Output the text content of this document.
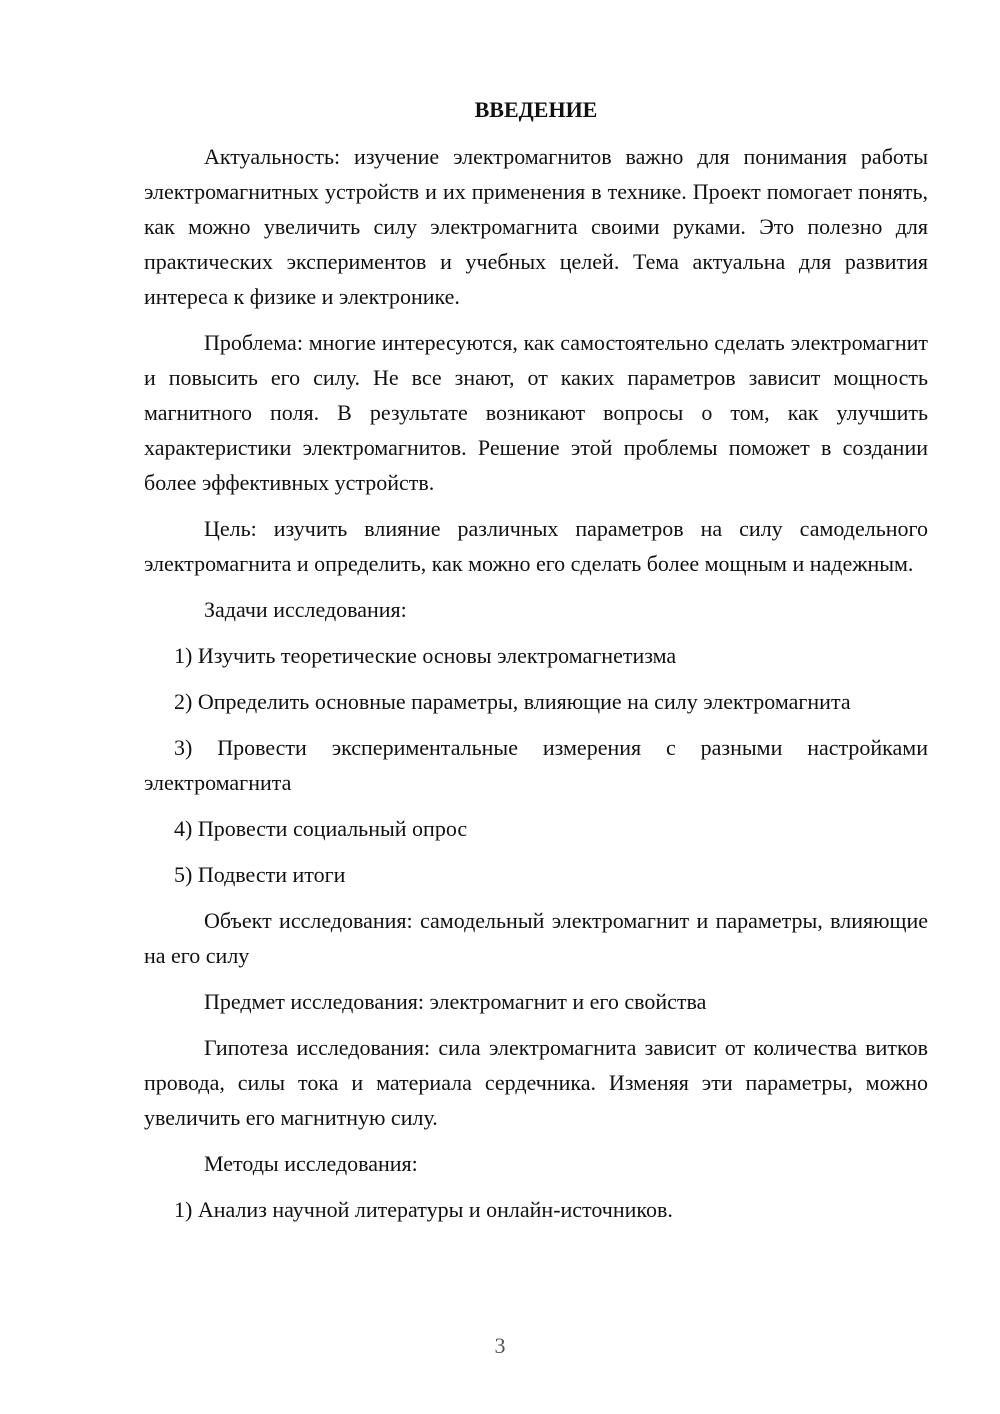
ВВЕДЕНИЕ

Актуальность: изучение электромагнитов важно для понимания работы электромагнитных устройств и их применения в технике. Проект помогает понять, как можно увеличить силу электромагнита своими руками. Это полезно для практических экспериментов и учебных целей. Тема актуальна для развития интереса к физике и электронике.

Проблема: многие интересуются, как самостоятельно сделать электромагнит и повысить его силу. Не все знают, от каких параметров зависит мощность магнитного поля. В результате возникают вопросы о том, как улучшить характеристики электромагнитов. Решение этой проблемы поможет в создании более эффективных устройств.

Цель: изучить влияние различных параметров на силу самодельного электромагнита и определить, как можно его сделать более мощным и надежным.

Задачи исследования:

1) Изучить теоретические основы электромагнетизма

2) Определить основные параметры, влияющие на силу электромагнита

3) Провести экспериментальные измерения с разными настройками электромагнита

4) Провести социальный опрос

5) Подвести итоги

Объект исследования: самодельный электромагнит и параметры, влияющие на его силу

Предмет исследования: электромагнит и его свойства

Гипотеза исследования: сила электромагнита зависит от количества витков провода, силы тока и материала сердечника. Изменяя эти параметры, можно увеличить его магнитную силу.

Методы исследования:

1) Анализ научной литературы и онлайн-источников.

3
